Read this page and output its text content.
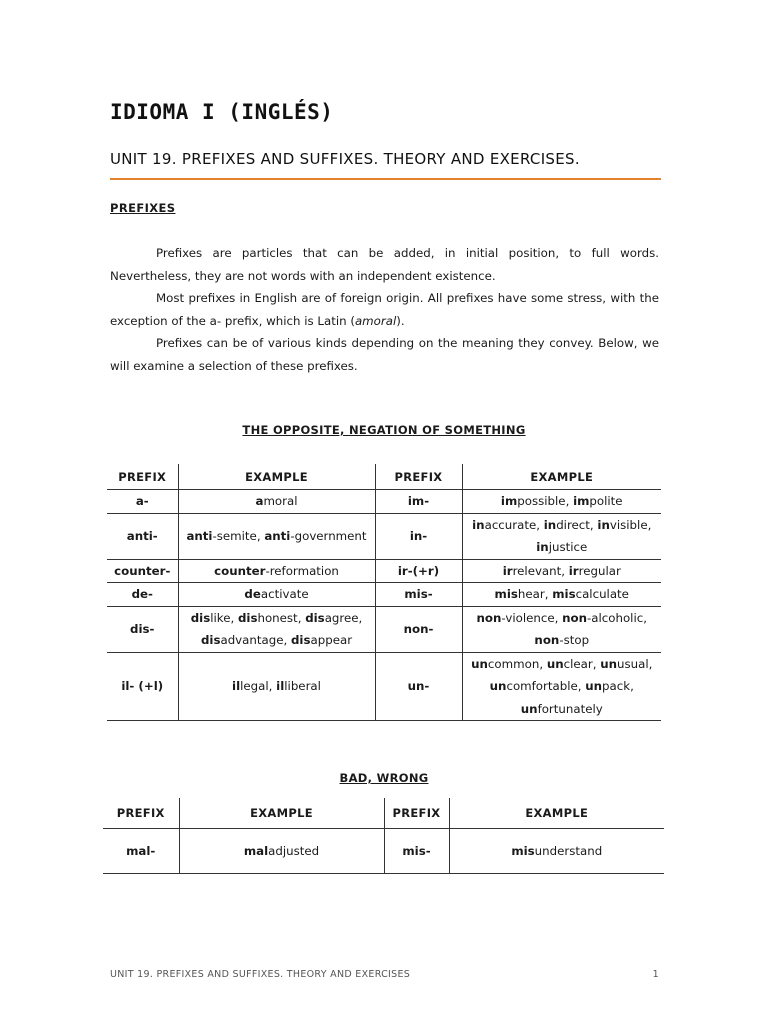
IDIOMA I (INGLÉS)
UNIT 19. PREFIXES AND SUFFIXES. THEORY AND EXERCISES.
PREFIXES

Prefixes are particles that can be added, in initial position, to full words. Nevertheless, they are not words with an independent existence.

Most prefixes in English are of foreign origin. All prefixes have some stress, with the exception of the a- prefix, which is Latin (amoral).

Prefixes can be of various kinds depending on the meaning they convey. Below, we will examine a selection of these prefixes.

THE OPPOSITE, NEGATION OF SOMETHING
PREFIX	EXAMPLE	PREFIX	EXAMPLE
a-	amoral	im-	impossible, impolite
anti-	anti-semite, anti-government	in-	inaccurate, indirect, invisible, injustice
counter-	counter-reformation	ir-(+r)	irrelevant, irregular
de-	deactivate	mis-	mishear, miscalculate
dis-	dislike, dishonest, disagree, disadvantage, disappear	non-	non-violence, non-alcoholic, non-stop
il- (+l)	illegal, illiberal	un-	uncommon, unclear, unusual, uncomfortable, unpack, unfortunately
BAD, WRONG
PREFIX	EXAMPLE	PREFIX	EXAMPLE
mal-	maladjusted	mis-	misunderstand
UNIT 19. PREFIXES AND SUFFIXES. THEORY AND EXERCISES	1
